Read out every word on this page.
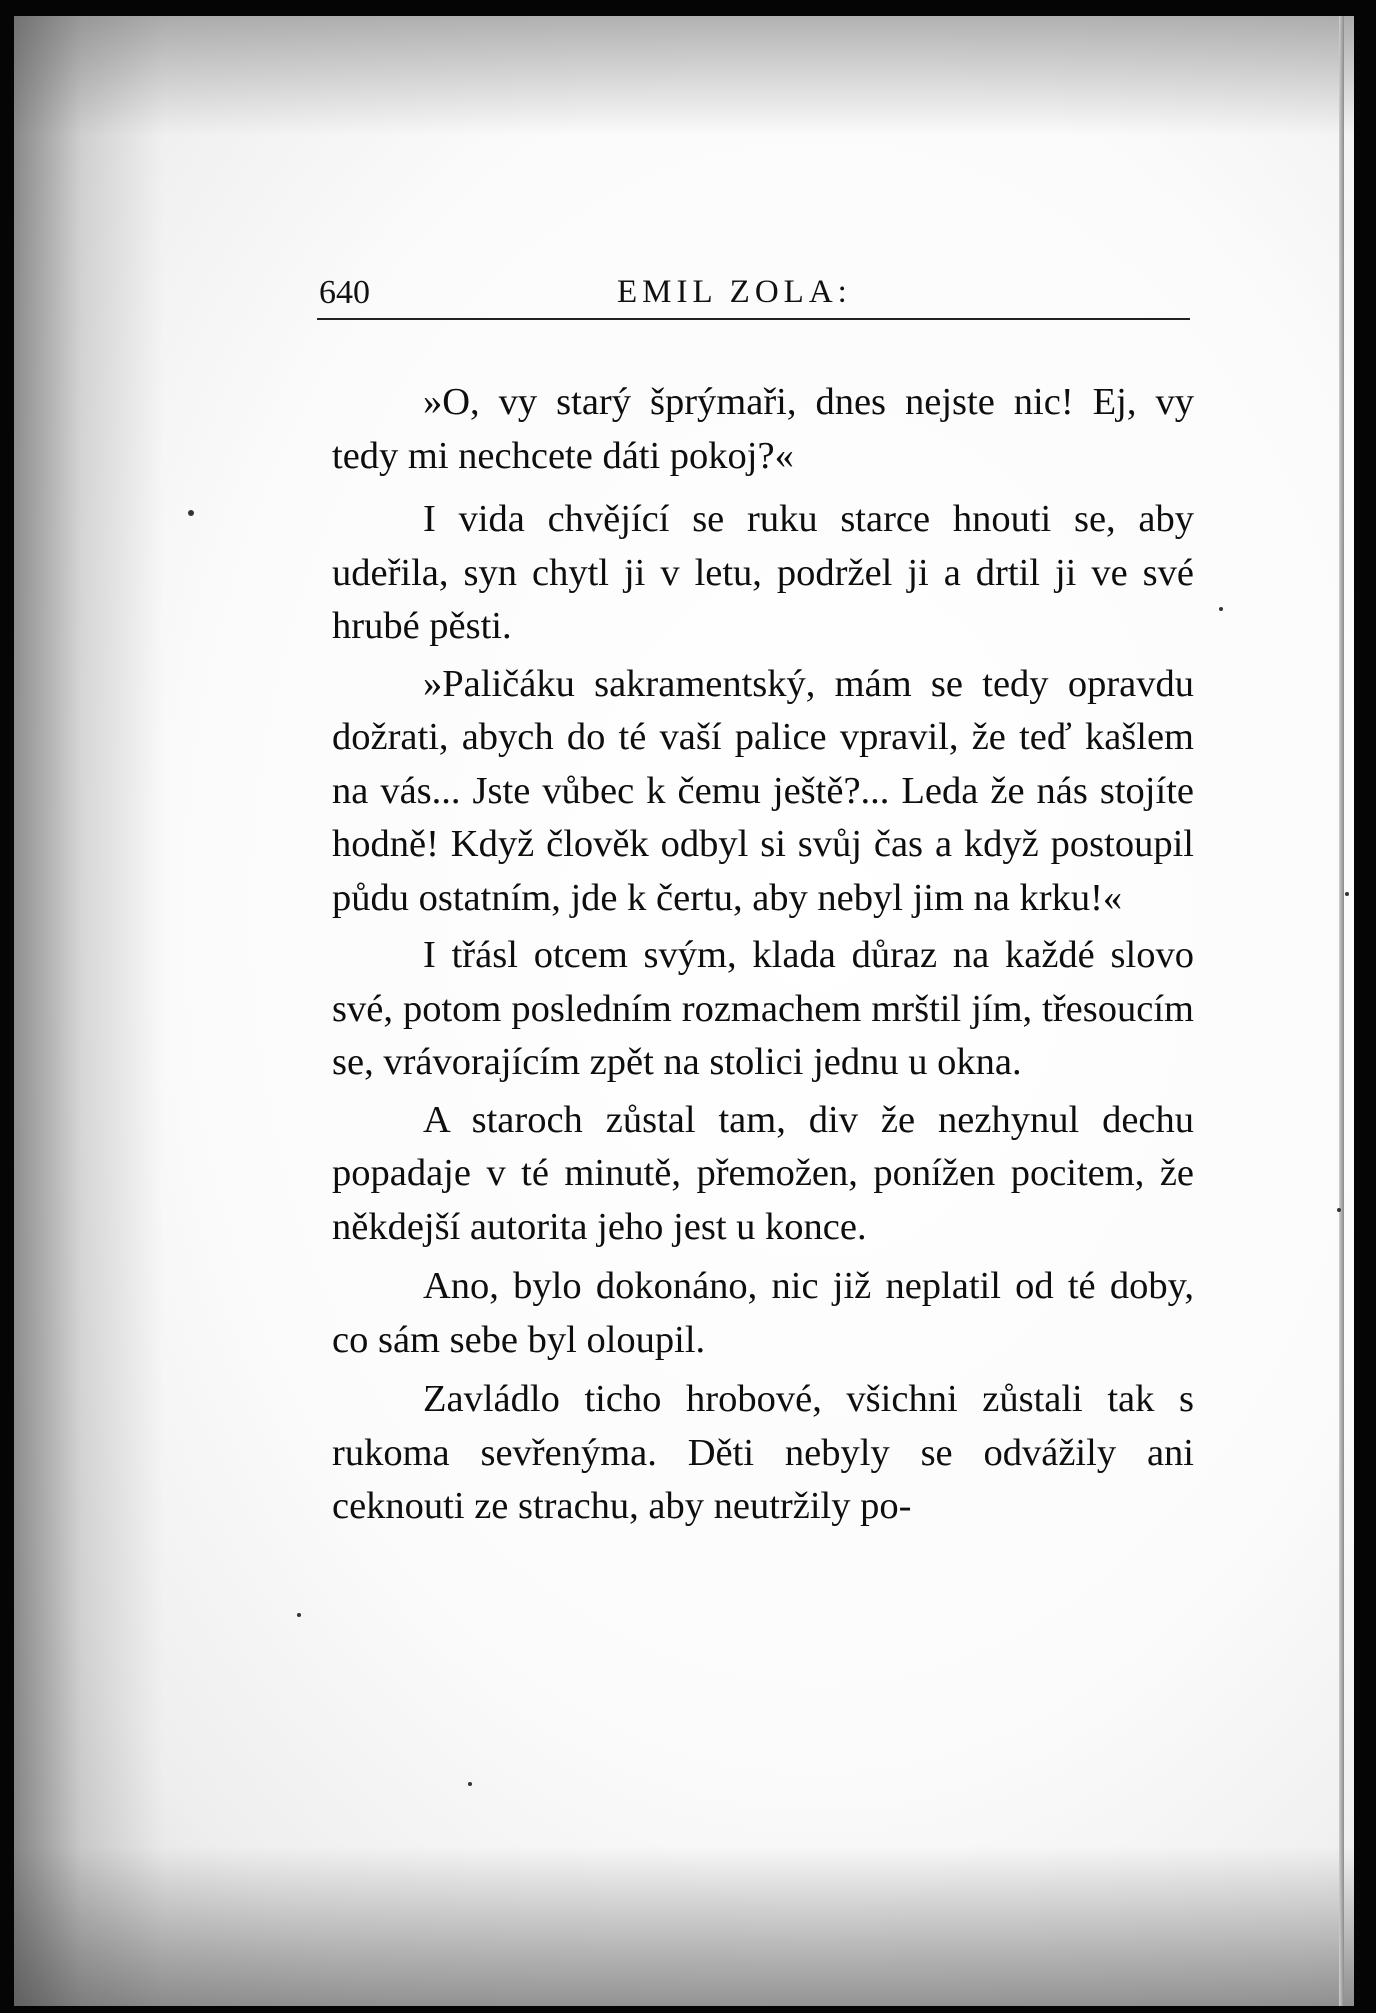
640	EMIL ZOLA:

»O, vy starý šprýmaři, dnes nejste nic! Ej, vy tedy mi nechcete dáti pokoj?«

I vida chvějící se ruku starce hnouti se, aby udeřila, syn chytl ji v letu, podržel ji a drtil ji ve své hrubé pěsti.

»Paličáku sakramentský, mám se tedy opravdu dožrati, abych do té vaší palice vpravil, že teď kašlem na vás... Jste vůbec k čemu ještě?... Leda že nás stojíte hodně! Když člověk odbyl si svůj čas a když postoupil půdu ostatním, jde k čertu, aby nebyl jim na krku!«

I třásl otcem svým, klada důraz na každé slovo své, potom posledním rozmachem mrštil jím, třesoucím se, vrávorajícím zpět na stolici jednu u okna.

A staroch zůstal tam, div že nezhynul dechu popadaje v té minutě, přemožen, ponížen pocitem, že někdejší autorita jeho jest u konce.

Ano, bylo dokonáno, nic již neplatil od té doby, co sám sebe byl oloupil.

Zavládlo ticho hrobové, všichni zůstali tak s rukoma sevřenýma. Děti nebyly se odvážily ani ceknouti ze strachu, aby neutržily po-
